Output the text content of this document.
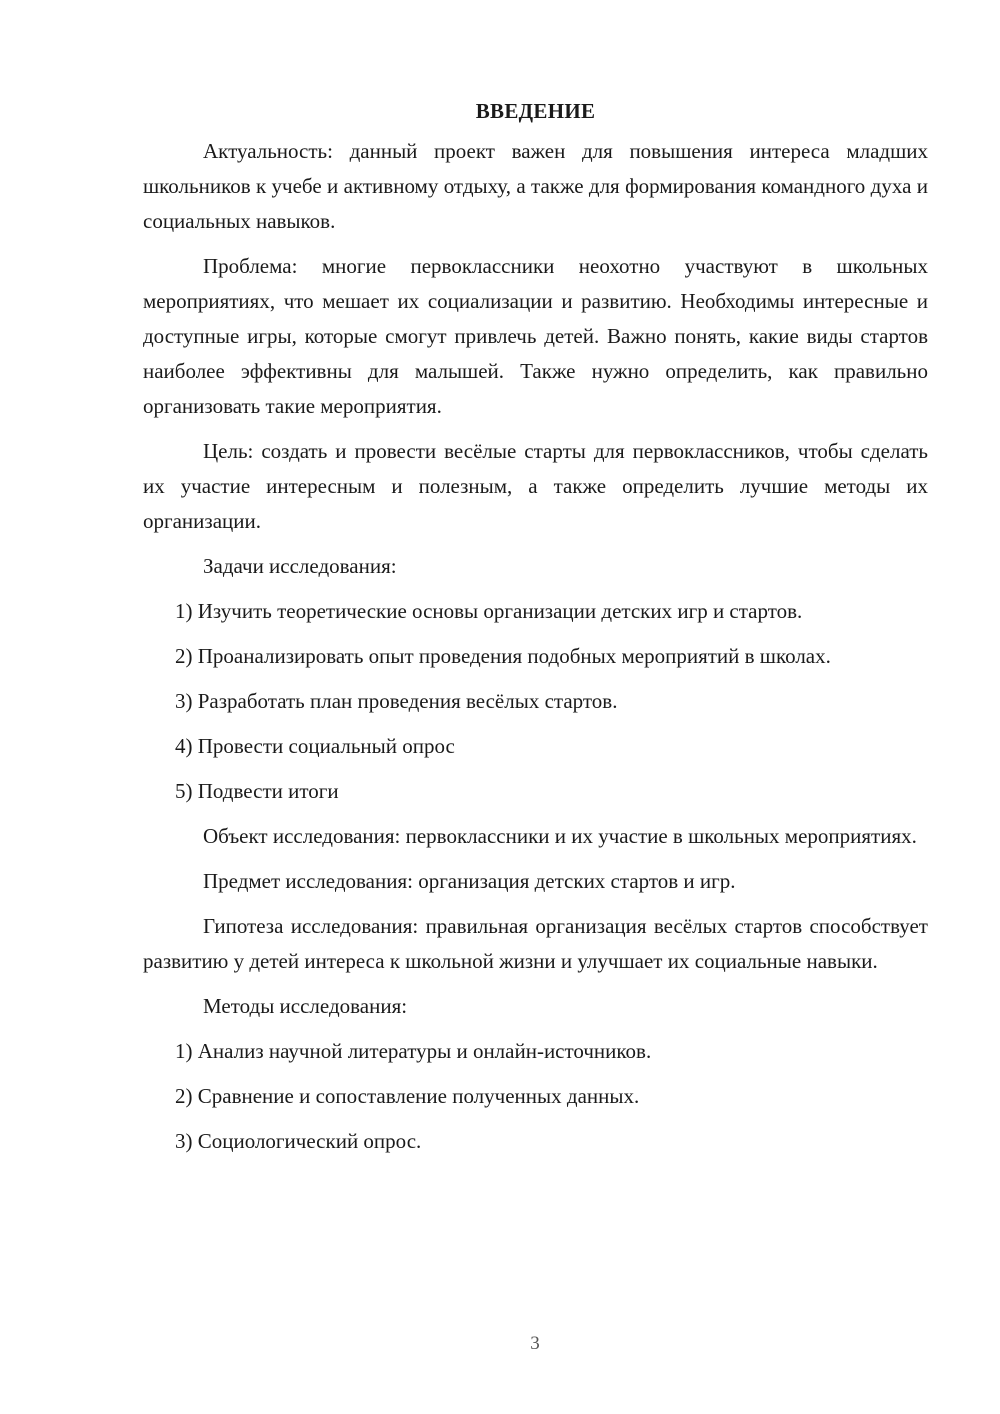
ВВЕДЕНИЕ

Актуальность: данный проект важен для повышения интереса младших школьников к учебе и активному отдыху, а также для формирования командного духа и социальных навыков.

Проблема: многие первоклассники неохотно участвуют в школьных мероприятиях, что мешает их социализации и развитию. Необходимы интересные и доступные игры, которые смогут привлечь детей. Важно понять, какие виды стартов наиболее эффективны для малышей. Также нужно определить, как правильно организовать такие мероприятия.

Цель: создать и провести весёлые старты для первоклассников, чтобы сделать их участие интересным и полезным, а также определить лучшие методы их организации.

Задачи исследования:

1) Изучить теоретические основы организации детских игр и стартов.

2) Проанализировать опыт проведения подобных мероприятий в школах.

3) Разработать план проведения весёлых стартов.

4) Провести социальный опрос

5) Подвести итоги

Объект исследования: первоклассники и их участие в школьных мероприятиях.

Предмет исследования: организация детских стартов и игр.

Гипотеза исследования: правильная организация весёлых стартов способствует развитию у детей интереса к школьной жизни и улучшает их социальные навыки.

Методы исследования:

1) Анализ научной литературы и онлайн-источников.

2) Сравнение и сопоставление полученных данных.

3) Социологический опрос.

3
